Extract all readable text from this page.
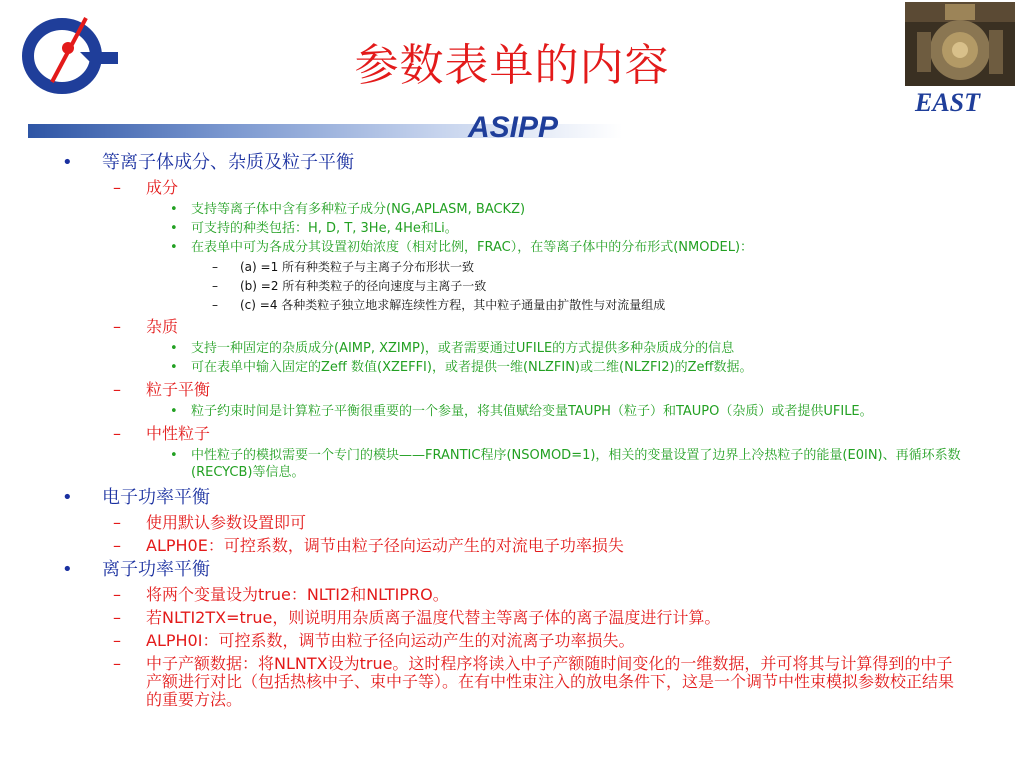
EAST
参数表单的内容
ASIPP
• 等离子体成分、杂质及粒子平衡
– 成分
• 支持等离子体中含有多种粒子成分(NG,APLASM, BACKZ)
• 可支持的种类包括：H, D, T, 3He, 4He和Li。
• 在表单中可为各成分其设置初始浓度（相对比例，FRAC），在等离子体中的分布形式(NMODEL)：
– (a) =1 所有种类粒子与主离子分布形状一致
– (b) =2 所有种类粒子的径向速度与主离子一致
– (c) =4 各种类粒子独立地求解连续性方程，其中粒子通量由扩散性与对流量组成
– 杂质
• 支持一种固定的杂质成分(AIMP, XZIMP)，或者需要通过UFILE的方式提供多种杂质成分的信息
• 可在表单中输入固定的Zeff 数值(XZEFFI)，或者提供一维(NLZFIN)或二维(NLZFI2)的Zeff数据。
– 粒子平衡
• 粒子约束时间是计算粒子平衡很重要的一个参量，将其值赋给变量TAUPH（粒子）和TAUPO（杂质）或者提供UFILE。
– 中性粒子
• 中性粒子的模拟需要一个专门的模块——FRANTIC程序(NSOMOD=1)，相关的变量设置了边界上冷热粒子的能量(E0IN)、再循环系数(RECYCB)等信息。
• 电子功率平衡
– 使用默认参数设置即可
– ALPH0E：可控系数，调节由粒子径向运动产生的对流电子功率损失
• 离子功率平衡
– 将两个变量设为true：NLTI2和NLTIPRO。
– 若NLTI2TX=true，则说明用杂质离子温度代替主等离子体的离子温度进行计算。
– ALPH0I：可控系数，调节由粒子径向运动产生的对流离子功率损失。
– 中子产额数据：将NLNTX设为true。这时程序将读入中子产额随时间变化的一维数据，并可将其与计算得到的中子产额进行对比（包括热核中子、束中子等）。在有中性束注入的放电条件下，这是一个调节中性束模拟参数校正结果的重要方法。
